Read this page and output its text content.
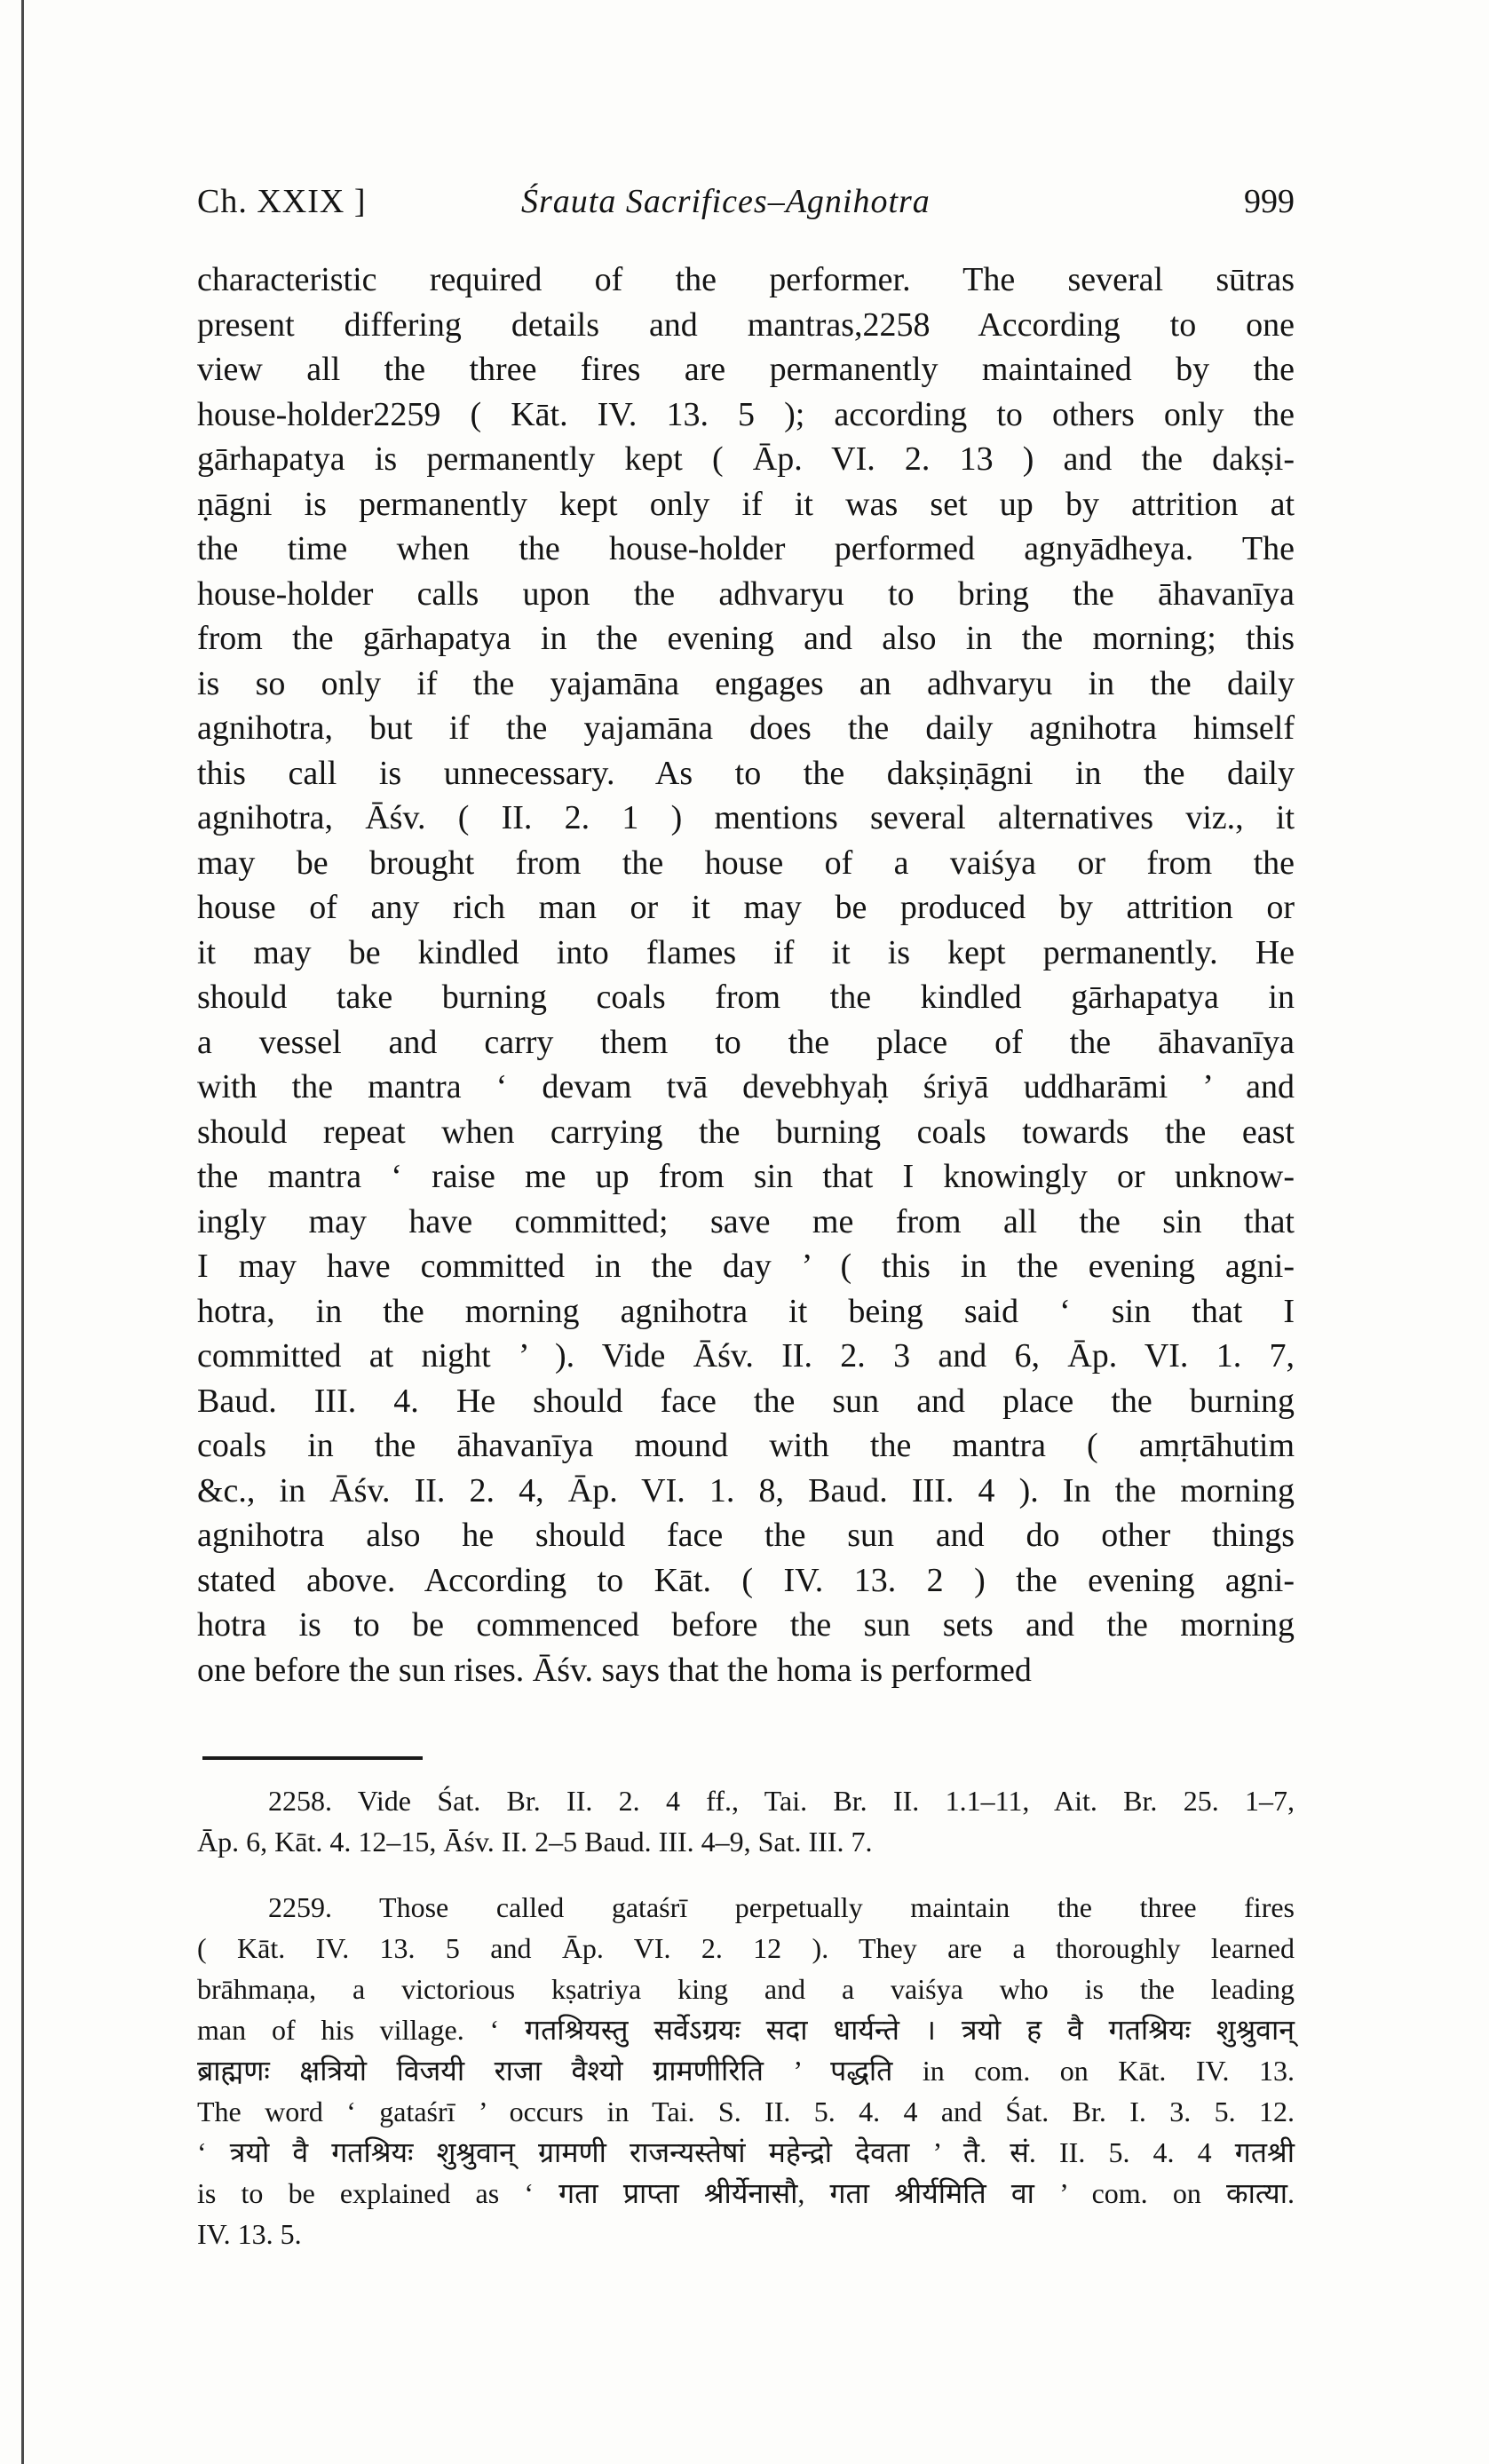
Ch. XXIX ]	Śrauta Sacrifices–Agnihotra	999
characteristic required of the performer. The several sūtras
present differing details and mantras,2258 According to one
view all the three fires are permanently maintained by the
house-holder2259 ( Kāt. IV. 13. 5 ); according to others only the
gārhapatya is permanently kept ( Āp. VI. 2. 13 ) and the dakṣi-
ṇāgni is permanently kept only if it was set up by attrition at
the time when the house-holder performed agnyādheya. The
house-holder calls upon the adhvaryu to bring the āhavanīya
from the gārhapatya in the evening and also in the morning; this
is so only if the yajamāna engages an adhvaryu in the daily
agnihotra, but if the yajamāna does the daily agnihotra himself
this call is unnecessary. As to the dakṣiṇāgni in the daily
agnihotra, Āśv. ( II. 2. 1 ) mentions several alternatives viz., it
may be brought from the house of a vaiśya or from the
house of any rich man or it may be produced by attrition or
it may be kindled into flames if it is kept permanently. He
should take burning coals from the kindled gārhapatya in
a vessel and carry them to the place of the āhavanīya
with the mantra ‘ devam tvā devebhyaḥ śriyā uddharāmi ’ and
should repeat when carrying the burning coals towards the east
the mantra ‘ raise me up from sin that I knowingly or unknow-
ingly may have committed; save me from all the sin that
I may have committed in the day ’ ( this in the evening agni-
hotra, in the morning agnihotra it being said ‘ sin that I
committed at night ’ ). Vide Āśv. II. 2. 3 and 6, Āp. VI. 1. 7,
Baud. III. 4. He should face the sun and place the burning
coals in the āhavanīya mound with the mantra ( amṛtāhutim
&c., in Āśv. II. 2. 4, Āp. VI. 1. 8, Baud. III. 4 ). In the morning
agnihotra also he should face the sun and do other things
stated above. According to Kāt. ( IV. 13. 2 ) the evening agni-
hotra is to be commenced before the sun sets and the morning
one before the sun rises. Āśv. says that the homa is performed
2258. Vide Śat. Br. II. 2. 4 ff., Tai. Br. II. 1.1–11, Ait. Br. 25. 1–7,
Āp. 6, Kāt. 4. 12–15, Āśv. II. 2–5 Baud. III. 4–9, Sat. III. 7.
2259. Those called gataśrī perpetually maintain the three fires
( Kāt. IV. 13. 5 and Āp. VI. 2. 12 ). They are a thoroughly learned
brāhmaṇa, a victorious kṣatriya king and a vaiśya who is the leading
man of his village. ‘ गतश्रियस्तु सर्वेऽग्रयः सदा धार्यन्ते । त्रयो ह वै गतश्रियः शुश्रुवान्
ब्राह्मणः क्षत्रियो विजयी राजा वैश्यो ग्रामणीरिति ’ पद्धति in com. on Kāt. IV. 13.
The word ‘ gataśrī ’ occurs in Tai. S. II. 5. 4. 4 and Śat. Br. I. 3. 5. 12.
‘ त्रयो वै गतश्रियः शुश्रुवान् ग्रामणी राजन्यस्तेषां महेन्द्रो देवता ’ तै. सं. II. 5. 4. 4 गतश्री
is to be explained as ‘ गता प्राप्ता श्रीर्येनासौ, गता श्रीर्यमिति वा ’ com. on कात्या.
IV. 13. 5.
